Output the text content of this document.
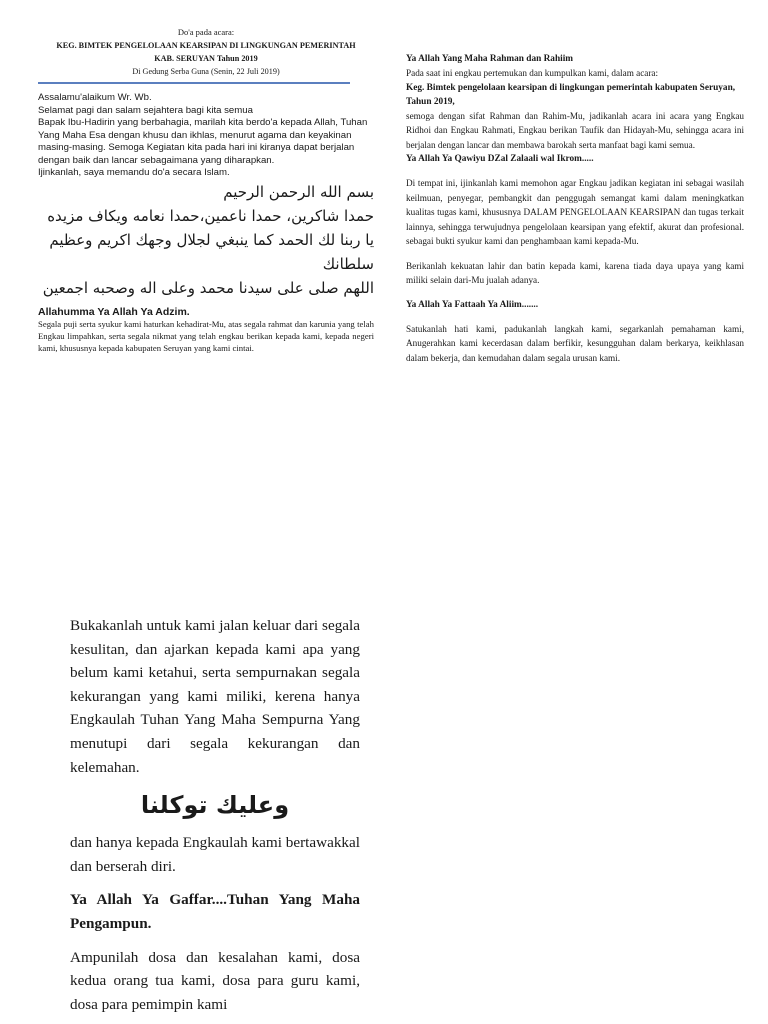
Do'a pada acara:
KEG. BIMTEK PENGELOLAAN KEARSIPAN DI LINGKUNGAN PEMERINTAH
KAB. SERUYAN Tahun 2019
Di Gedung Serba Guna (Senin, 22 Juli 2019)
Assalamu'alaikum Wr. Wb.
Selamat pagi dan salam sejahtera bagi kita semua
Bapak Ibu-Hadirin yang berbahagia, marilah kita berdo'a kepada Allah, Tuhan Yang Maha Esa dengan khusu dan ikhlas, menurut agama dan keyakinan masing-masing. Semoga Kegiatan kita pada hari ini kiranya dapat berjalan dengan baik dan lancar sebagaimana yang diharapkan.
Ijinkanlah, saya memandu do'a secara Islam.
بسم الله الرحمن الرحيم
حمدا شاكرين، حمدا ناعمين،حمدا نعامه ويكاف مزيده
يا ربنا لك الحمد كما ينبغي لجلال وجهك اكريم وعظيم سلطانك
اللهم صلى على سيدنا محمد وعلى اله وصحبه اجمعين
Allahumma Ya Allah Ya Adzim.
Segala puji serta syukur kami haturkan kehadirat-Mu, atas segala rahmat dan karunia yang telah Engkau limpahkan, serta segala nikmat yang telah engkau berikan kepada kami, kepada negeri kami, khususnya kepada kabupaten Seruyan yang kami cintai.

Ya Allah Yang Maha Rahman dan Rahiim

Pada saat ini engkau pertemukan dan kumpulkan kami, dalam acara:

Keg. Bimtek pengelolaan kearsipan di lingkungan pemerintah kabupaten Seruyan, Tahun 2019,

semoga dengan sifat Rahman dan Rahim-Mu, jadikanlah acara ini acara yang Engkau Ridhoi dan Engkau Rahmati, Engkau berikan Taufik dan Hidayah-Mu, sehingga acara ini berjalan dengan lancar dan membawa barokah serta manfaat bagi kami semua.

Ya Allah Ya Qawiyu DZal Zalaali wal Ikrom.....

Di tempat ini, ijinkanlah kami memohon agar Engkau jadikan kegiatan ini sebagai wasilah keilmuan, penyegar, pembangkit dan penggugah semangat kami dalam meningkatkan kualitas tugas kami, khususnya DALAM PENGELOLAAN KEARSIPAN dan tugas terkait lainnya, sehingga terwujudnya pengelolaan kearsipan yang efektif, akurat dan profesional. sebagai bukti syukur kami dan penghambaan kami kepada-Mu.

Berikanlah kekuatan lahir dan batin kepada kami, karena tiada daya upaya yang kami miliki selain dari-Mu jualah adanya.

Ya Allah Ya Fattaah Ya Aliim.......

Satukanlah hati kami, padukanlah langkah kami, segarkanlah pemahaman kami, Anugerahkan kami kecerdasan dalam berfikir, kesungguhan dalam berkarya, keikhlasan dalam bekerja, dan kemudahan dalam segala urusan kami.

Bukakanlah untuk kami jalan keluar dari segala kesulitan, dan ajarkan kepada kami apa yang belum kami ketahui, serta sempurnakan segala kekurangan yang kami miliki, kerena hanya Engkaulah Tuhan Yang Maha Sempurna Yang menutupi dari segala kekurangan dan kelemahan.

وعليك توكلنا

dan hanya kepada Engkaulah kami bertawakkal dan berserah diri.

Ya Allah Ya Gaffar....Tuhan Yang Maha Pengampun.

Ampunilah dosa dan kesalahan kami, dosa kedua orang tua kami, dosa para guru kami, dosa para pemimpin kami
